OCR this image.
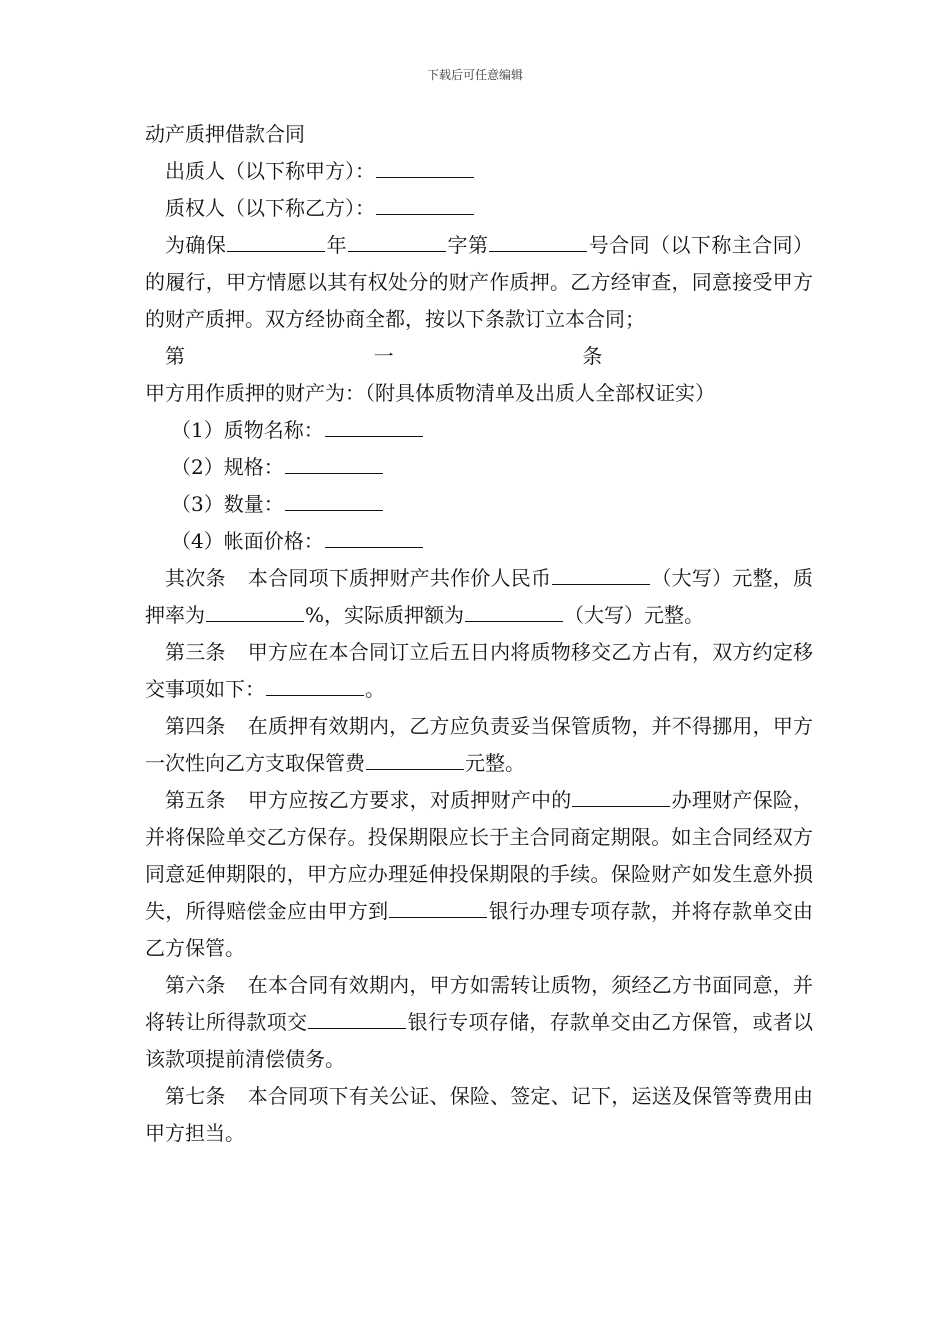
下载后可任意编辑

动产质押借款合同

出质人（以下称甲方）：

质权人（以下称乙方）：

为确保	年	字第	号合同（以下称主合同）的履行，甲方情愿以其有权处分的财产作质押。乙方经审查，同意接受甲方的财产质押。双方经协商全都，按以下条款订立本合同；

第一条甲方用作质押的财产为：（附具体质物清单及出质人全部权证实）

（1）质物名称：

（2）规格：

（3）数量：

（4）帐面价格：

其次条 本合同项下质押财产共作价人民币	（大写）元整，质押率为	%，实际质押额为	（大写）元整。

第三条 甲方应在本合同订立后五日内将质物移交乙方占有，双方约定移交事项如下：	。

第四条 在质押有效期内，乙方应负责妥当保管质物，并不得挪用，甲方一次性向乙方支取保管费	元整。

第五条 甲方应按乙方要求，对质押财产中的	办理财产保险，并将保险单交乙方保存。投保期限应长于主合同商定期限。如主合同经双方同意延伸期限的，甲方应办理延伸投保期限的手续。保险财产如发生意外损失，所得赔偿金应由甲方到	银行办理专项存款，并将存款单交由乙方保管。

第六条 在本合同有效期内，甲方如需转让质物，须经乙方书面同意，并将转让所得款项交	银行专项存储，存款单交由乙方保管，或者以该款项提前清偿债务。

第七条 本合同项下有关公证、保险、签定、记下，运送及保管等费用由甲方担当。
